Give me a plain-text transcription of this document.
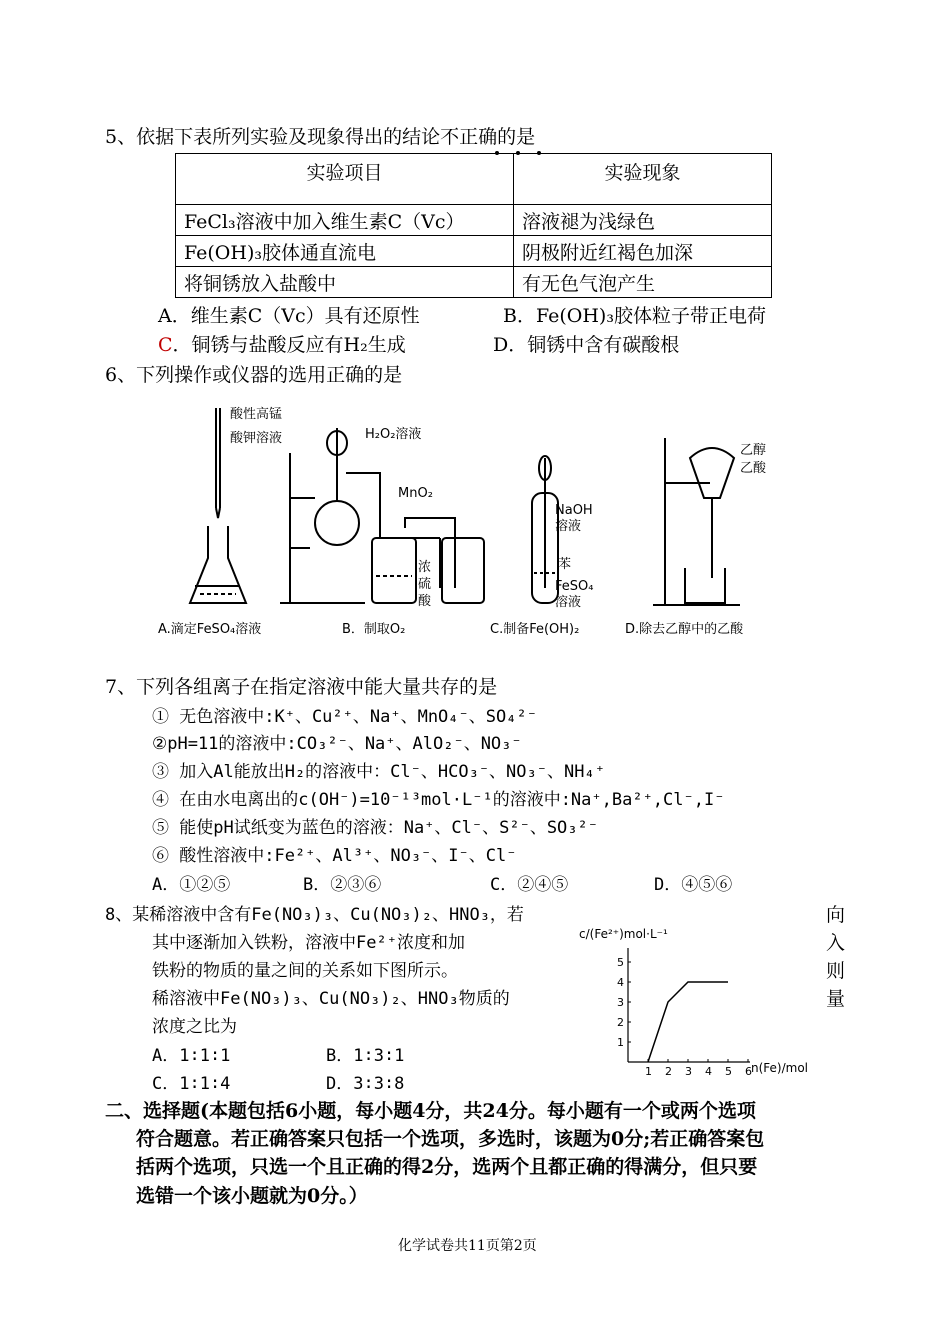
5、依据下表所列实验及现象得出的结论不正确的是
实验项目	实验现象
FeCl₃溶液中加入维生素C（Vc）	溶液褪为浅绿色
Fe(OH)₃胶体通直流电	阴极附近红褐色加深
将铜锈放入盐酸中	有无色气泡产生
A．维生素C（Vc）具有还原性	B．Fe(OH)₃胶体粒子带正电荷
C．铜锈与盐酸反应有H₂生成	D．铜锈中含有碳酸根
6、下列操作或仪器的选用正确的是
酸性高锰
酸钾溶液	H₂O₂溶液
MnO₂
浓
硫
酸
NaOH
溶液
苯
FeSO₄
溶液
乙醇
乙酸
A.滴定FeSO₄溶液	B．制取O₂	C.制备Fe(OH)₂	D.除去乙醇中的乙酸
7、下列各组离子在指定溶液中能大量共存的是
① 无色溶液中:K⁺、Cu²⁺、Na⁺、MnO₄⁻、SO₄²⁻
②pH=11的溶液中:CO₃²⁻、Na⁺、AlO₂⁻、NO₃⁻
③ 加入Al能放出H₂的溶液中：Cl⁻、HCO₃⁻、NO₃⁻、NH₄⁺
④ 在由水电离出的c(OH⁻)=10⁻¹³mol·L⁻¹的溶液中:Na⁺,Ba²⁺,Cl⁻,I⁻
⑤ 能使pH试纸变为蓝色的溶液：Na⁺、Cl⁻、S²⁻、SO₃²⁻
⑥ 酸性溶液中:Fe²⁺、Al³⁺、NO₃⁻、I⁻、Cl⁻
A．①②⑤	B．②③⑥	C．②④⑤	D．④⑤⑥
8、某稀溶液中含有Fe(NO₃)₃、Cu(NO₃)₂、HNO₃，若
其中逐渐加入铁粉，溶液中Fe²⁺浓度和加
铁粉的物质的量之间的关系如下图所示。
稀溶液中Fe(NO₃)₃、Cu(NO₃)₂、HNO₃物质的
浓度之比为
向
入
则
量
A．1∶1∶1	B．1∶3∶1
C．1∶1∶4	D．3∶3∶8
c/(Fe²⁺)mol·L⁻¹
n(Fe)/mol
1 2 3 4 5 6
1
2
3
4
5
二、选择题(本题包括6小题，每小题4分，共24分。每小题有一个或两个选项
符合题意。若正确答案只包括一个选项，多选时，该题为0分;若正确答案包
括两个选项，只选一个且正确的得2分，选两个且都正确的得满分，但只要
选错一个该小题就为0分。）
化学试卷共11页第2页
